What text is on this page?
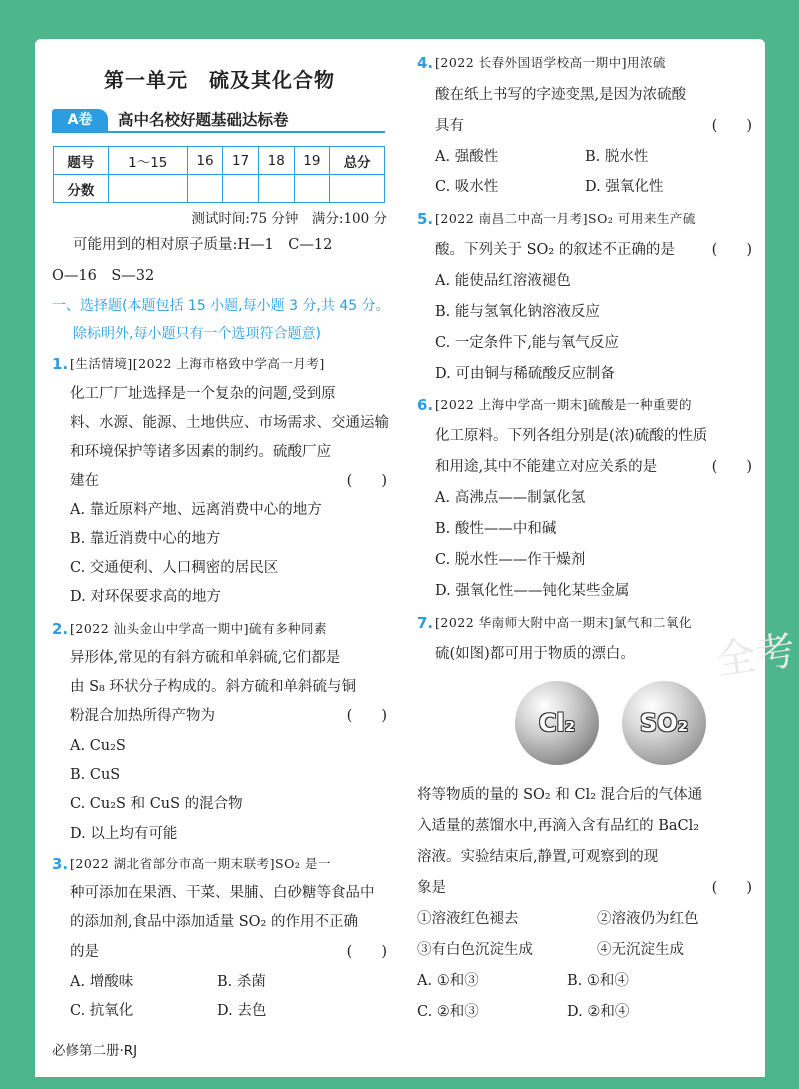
全考
第一单元　硫及其化合物
A卷	高中名校好题基础达标卷
题号	1～15	16	17	18	19	总分
分数						
测试时间:75 分钟　满分:100 分
可能用到的相对原子质量:H—1　C—12
O—16　S—32
一、选择题(本题包括 15 小题,每小题 3 分,共 45 分。
除标明外,每小题只有一个选项符合题意)
1. [生活情境][2022 上海市格致中学高一月考]
化工厂厂址选择是一个复杂的问题,受到原
料、水源、能源、土地供应、市场需求、交通运输
和环境保护等诸多因素的制约。硫酸厂应
建在	(　　)
A. 靠近原料产地、远离消费中心的地方
B. 靠近消费中心的地方
C. 交通便利、人口稠密的居民区
D. 对环保要求高的地方
2. [2022 汕头金山中学高一期中]硫有多种同素
异形体,常见的有斜方硫和单斜硫,它们都是
由 S₈ 环状分子构成的。斜方硫和单斜硫与铜
粉混合加热所得产物为	(　　)
A. Cu₂S
B. CuS
C. Cu₂S 和 CuS 的混合物
D. 以上均有可能
3. [2022 湖北省部分市高一期末联考]SO₂ 是一
种可添加在果酒、干菜、果脯、白砂糖等食品中
的添加剂,食品中添加适量 SO₂ 的作用不正确
的是	(　　)
A. 增酸味	B. 杀菌
C. 抗氧化	D. 去色
4. [2022 长春外国语学校高一期中]用浓硫
酸在纸上书写的字迹变黑,是因为浓硫酸
具有	(　　)
A. 强酸性	B. 脱水性
C. 吸水性	D. 强氧化性
5. [2022 南昌二中高一月考]SO₂ 可用来生产硫
酸。下列关于 SO₂ 的叙述不正确的是	(　　)
A. 能使品红溶液褪色
B. 能与氢氧化钠溶液反应
C. 一定条件下,能与氧气反应
D. 可由铜与稀硫酸反应制备
6. [2022 上海中学高一期末]硫酸是一种重要的
化工原料。下列各组分别是(浓)硫酸的性质
和用途,其中不能建立对应关系的是	(　　)
A. 高沸点——制氯化氢
B. 酸性——中和碱
C. 脱水性——作干燥剂
D. 强氧化性——钝化某些金属
7. [2022 华南师大附中高一期末]氯气和二氧化
硫(如图)都可用于物质的漂白。
Cl₂	SO₂
将等物质的量的 SO₂ 和 Cl₂ 混合后的气体通
入适量的蒸馏水中,再滴入含有品红的 BaCl₂
溶液。实验结束后,静置,可观察到的现
象是	(　　)
①溶液红色褪去	②溶液仍为红色
③有白色沉淀生成	④无沉淀生成
A. ①和③	B. ①和④
C. ②和③	D. ②和④
必修第二册·RJ
